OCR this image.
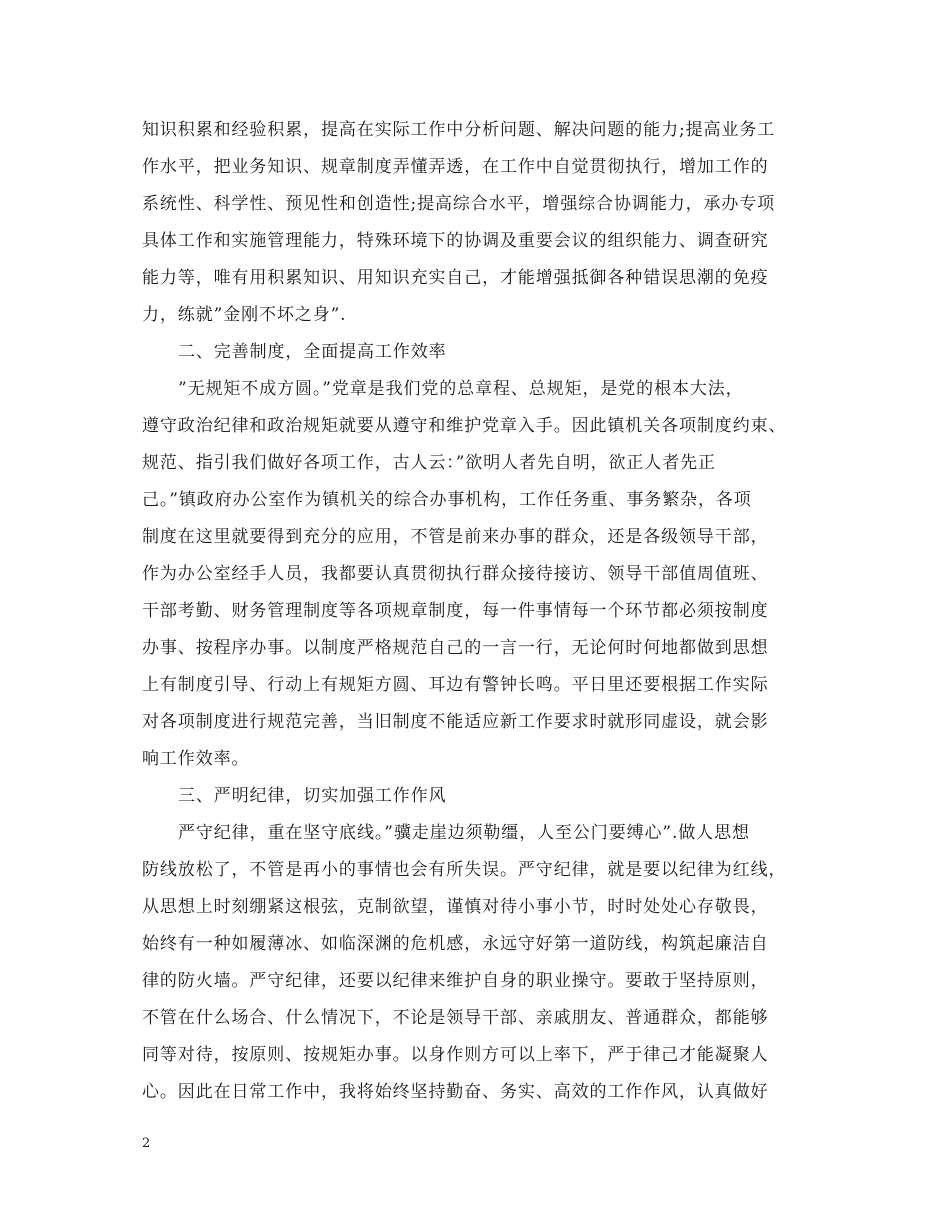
知识积累和经验积累，提高在实际工作中分析问题、解决问题的能力;提高业务工
作水平，把业务知识、规章制度弄懂弄透，在工作中自觉贯彻执行，增加工作的
系统性、科学性、预见性和创造性;提高综合水平，增强综合协调能力，承办专项
具体工作和实施管理能力，特殊环境下的协调及重要会议的组织能力、调查研究
能力等，唯有用积累知识、用知识充实自己，才能增强抵御各种错误思潮的免疫
力，练就”金刚不坏之身”.
二、完善制度，全面提高工作效率
”无规矩不成方圆。”党章是我们党的总章程、总规矩，是党的根本大法，
遵守政治纪律和政治规矩就要从遵守和维护党章入手。因此镇机关各项制度约束、
规范、指引我们做好各项工作，古人云：”欲明人者先自明，欲正人者先正
己。”镇政府办公室作为镇机关的综合办事机构，工作任务重、事务繁杂，各项
制度在这里就要得到充分的应用，不管是前来办事的群众，还是各级领导干部，
作为办公室经手人员，我都要认真贯彻执行群众接待接访、领导干部值周值班、
干部考勤、财务管理制度等各项规章制度，每一件事情每一个环节都必须按制度
办事、按程序办事。以制度严格规范自己的一言一行，无论何时何地都做到思想
上有制度引导、行动上有规矩方圆、耳边有警钟长鸣。平日里还要根据工作实际
对各项制度进行规范完善，当旧制度不能适应新工作要求时就形同虚设，就会影
响工作效率。
三、严明纪律，切实加强工作作风
严守纪律，重在坚守底线。”骥走崖边须勒缰，人至公门要缚心”.做人思想
防线放松了，不管是再小的事情也会有所失误。严守纪律，就是要以纪律为红线，
从思想上时刻绷紧这根弦，克制欲望，谨慎对待小事小节，时时处处心存敬畏，
始终有一种如履薄冰、如临深渊的危机感，永远守好第一道防线，构筑起廉洁自
律的防火墙。严守纪律，还要以纪律来维护自身的职业操守。要敢于坚持原则，
不管在什么场合、什么情况下，不论是领导干部、亲戚朋友、普通群众，都能够
同等对待，按原则、按规矩办事。以身作则方可以上率下，严于律己才能凝聚人
心。因此在日常工作中，我将始终坚持勤奋、务实、高效的工作作风，认真做好
2
